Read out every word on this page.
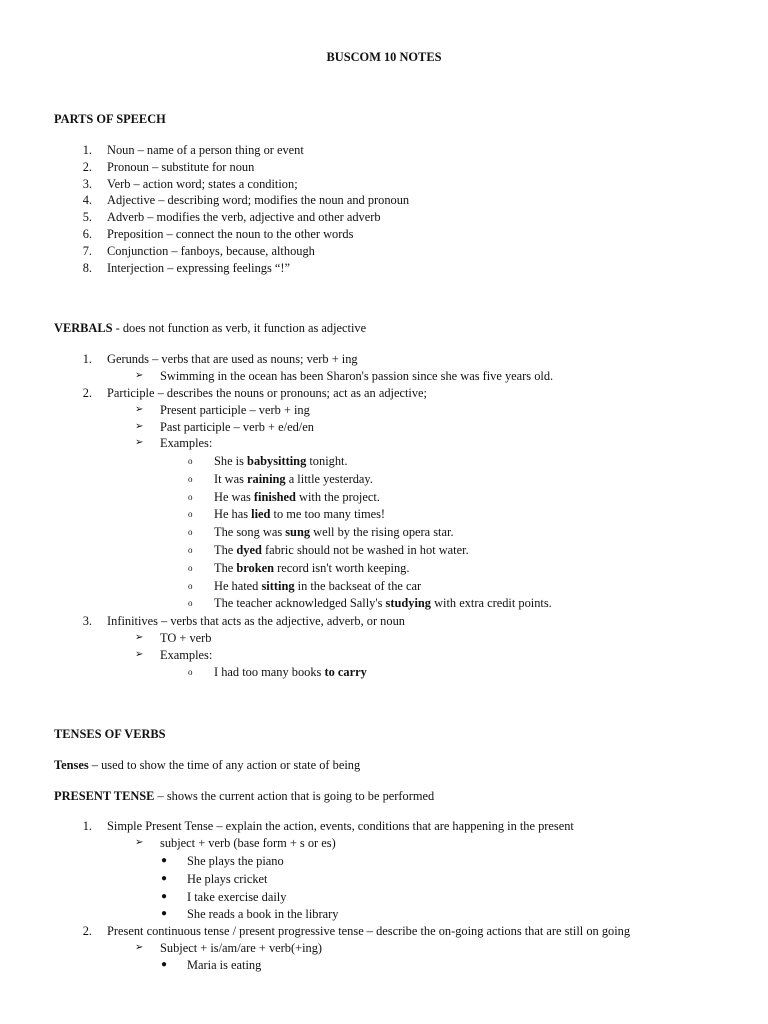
BUSCOM 10 NOTES
PARTS OF SPEECH
1. Noun – name of a person thing or event
2. Pronoun – substitute for noun
3. Verb – action word; states a condition;
4. Adjective – describing word; modifies the noun and pronoun
5. Adverb – modifies the verb, adjective and other adverb
6. Preposition – connect the noun to the other words
7. Conjunction – fanboys, because, although
8. Interjection – expressing feelings “!”
VERBALS - does not function as verb, it function as adjective
1. Gerunds – verbs that are used as nouns; verb + ing
➢ Swimming in the ocean has been Sharon's passion since she was five years old.
2. Participle – describes the nouns or pronouns; act as an adjective;
➢ Present participle – verb + ing
➢ Past participle – verb + e/ed/en
➢ Examples:
o She is babysitting tonight.
o It was raining a little yesterday.
o He was finished with the project.
o He has lied to me too many times!
o The song was sung well by the rising opera star.
o The dyed fabric should not be washed in hot water.
o The broken record isn't worth keeping.
o He hated sitting in the backseat of the car
o The teacher acknowledged Sally's studying with extra credit points.
3. Infinitives – verbs that acts as the adjective, adverb, or noun
➢ TO + verb
➢ Examples:
o I had too many books to carry
TENSES OF VERBS
Tenses – used to show the time of any action or state of being
PRESENT TENSE – shows the current action that is going to be performed
1. Simple Present Tense – explain the action, events, conditions that are happening in the present
➢ subject + verb (base form + s or es)
● She plays the piano
● He plays cricket
● I take exercise daily
● She reads a book in the library
2. Present continuous tense / present progressive tense – describe the on-going actions that are still on going
➢ Subject + is/am/are + verb(+ing)
● Maria is eating
